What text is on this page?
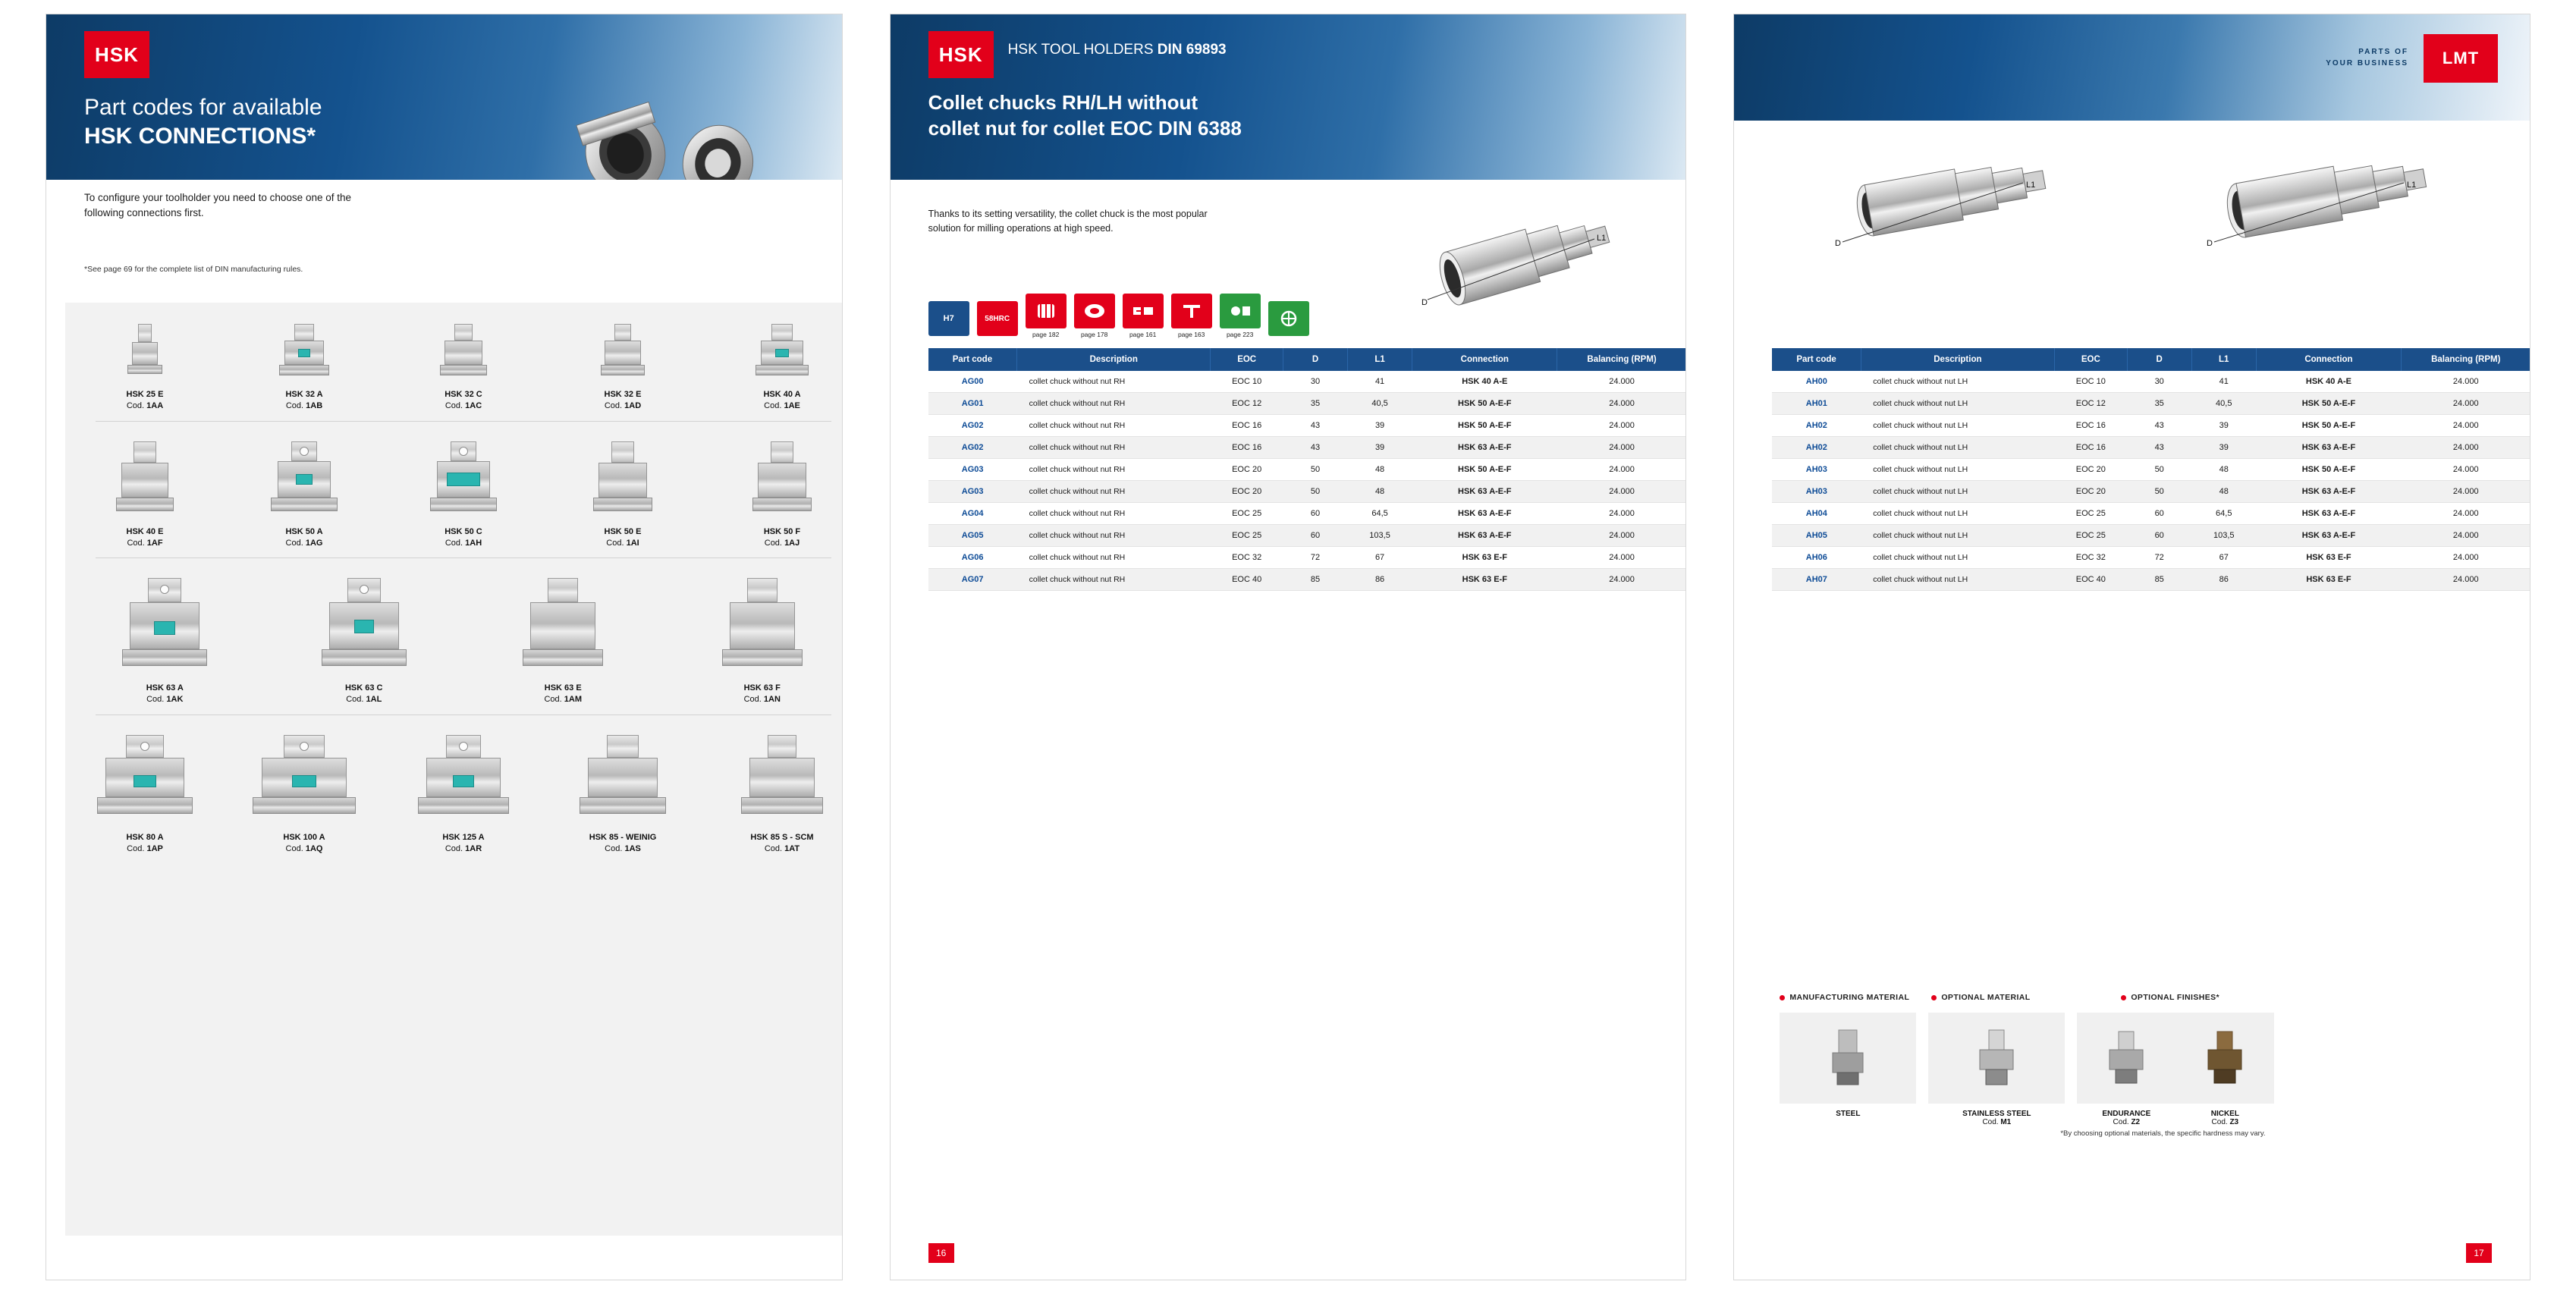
HSK
Part codes for available
HSK CONNECTIONS*
To configure your toolholder you need to choose one of the following connections first.
*See page 69 for the complete list of DIN manufacturing rules.
HSK 25 E
Cod. 1AA
HSK 32 A
Cod. 1AB
HSK 32 C
Cod. 1AC
HSK 32 E
Cod. 1AD
HSK 40 A
Cod. 1AE
HSK 40 E
Cod. 1AF
HSK 50 A
Cod. 1AG
HSK 50 C
Cod. 1AH
HSK 50 E
Cod. 1AI
HSK 50 F
Cod. 1AJ
HSK 63 A
Cod. 1AK
HSK 63 C
Cod. 1AL
HSK 63 E
Cod. 1AM
HSK 63 F
Cod. 1AN
HSK 80 A
Cod. 1AP
HSK 100 A
Cod. 1AQ
HSK 125 A
Cod. 1AR
HSK 85 - WEINIG
Cod. 1AS
HSK 85 S - SCM
Cod. 1AT
HSK	HSK TOOL HOLDERS DIN 69893
Collet chucks RH/LH without
collet nut for collet EOC DIN 6388
Thanks to its setting versatility, the collet chuck is the most popular solution for milling operations at high speed.
H7	58HRC
page 182	page 178	page 161	page 163	page 223
D
L1
Part code	Description	EOC	D	L1	Connection	Balancing (RPM)
AG00	collet chuck without nut RH	EOC 10	30	41	HSK 40 A-E	24.000
AG01	collet chuck without nut RH	EOC 12	35	40,5	HSK 50 A-E-F	24.000
AG02	collet chuck without nut RH	EOC 16	43	39	HSK 50 A-E-F	24.000
AG02	collet chuck without nut RH	EOC 16	43	39	HSK 63 A-E-F	24.000
AG03	collet chuck without nut RH	EOC 20	50	48	HSK 50 A-E-F	24.000
AG03	collet chuck without nut RH	EOC 20	50	48	HSK 63 A-E-F	24.000
AG04	collet chuck without nut RH	EOC 25	60	64,5	HSK 63 A-E-F	24.000
AG05	collet chuck without nut RH	EOC 25	60	103,5	HSK 63 A-E-F	24.000
AG06	collet chuck without nut RH	EOC 32	72	67	HSK 63 E-F	24.000
AG07	collet chuck without nut RH	EOC 40	85	86	HSK 63 E-F	24.000
16
PARTS OF
YOUR BUSINESS	LMT
D
L1
D
L1
Part code	Description	EOC	D	L1	Connection	Balancing (RPM)
AH00	collet chuck without nut LH	EOC 10	30	41	HSK 40 A-E	24.000
AH01	collet chuck without nut LH	EOC 12	35	40,5	HSK 50 A-E-F	24.000
AH02	collet chuck without nut LH	EOC 16	43	39	HSK 50 A-E-F	24.000
AH02	collet chuck without nut LH	EOC 16	43	39	HSK 63 A-E-F	24.000
AH03	collet chuck without nut LH	EOC 20	50	48	HSK 50 A-E-F	24.000
AH03	collet chuck without nut LH	EOC 20	50	48	HSK 63 A-E-F	24.000
AH04	collet chuck without nut LH	EOC 25	60	64,5	HSK 63 A-E-F	24.000
AH05	collet chuck without nut LH	EOC 25	60	103,5	HSK 63 A-E-F	24.000
AH06	collet chuck without nut LH	EOC 32	72	67	HSK 63 E-F	24.000
AH07	collet chuck without nut LH	EOC 40	85	86	HSK 63 E-F	24.000
MANUFACTURING MATERIAL	OPTIONAL MATERIAL	OPTIONAL FINISHES*
STEEL	STAINLESS STEEL
Cod. M1
ENDURANCE
Cod. Z2
NICKEL
Cod. Z3
*By choosing optional materials, the specific hardness may vary.
17
